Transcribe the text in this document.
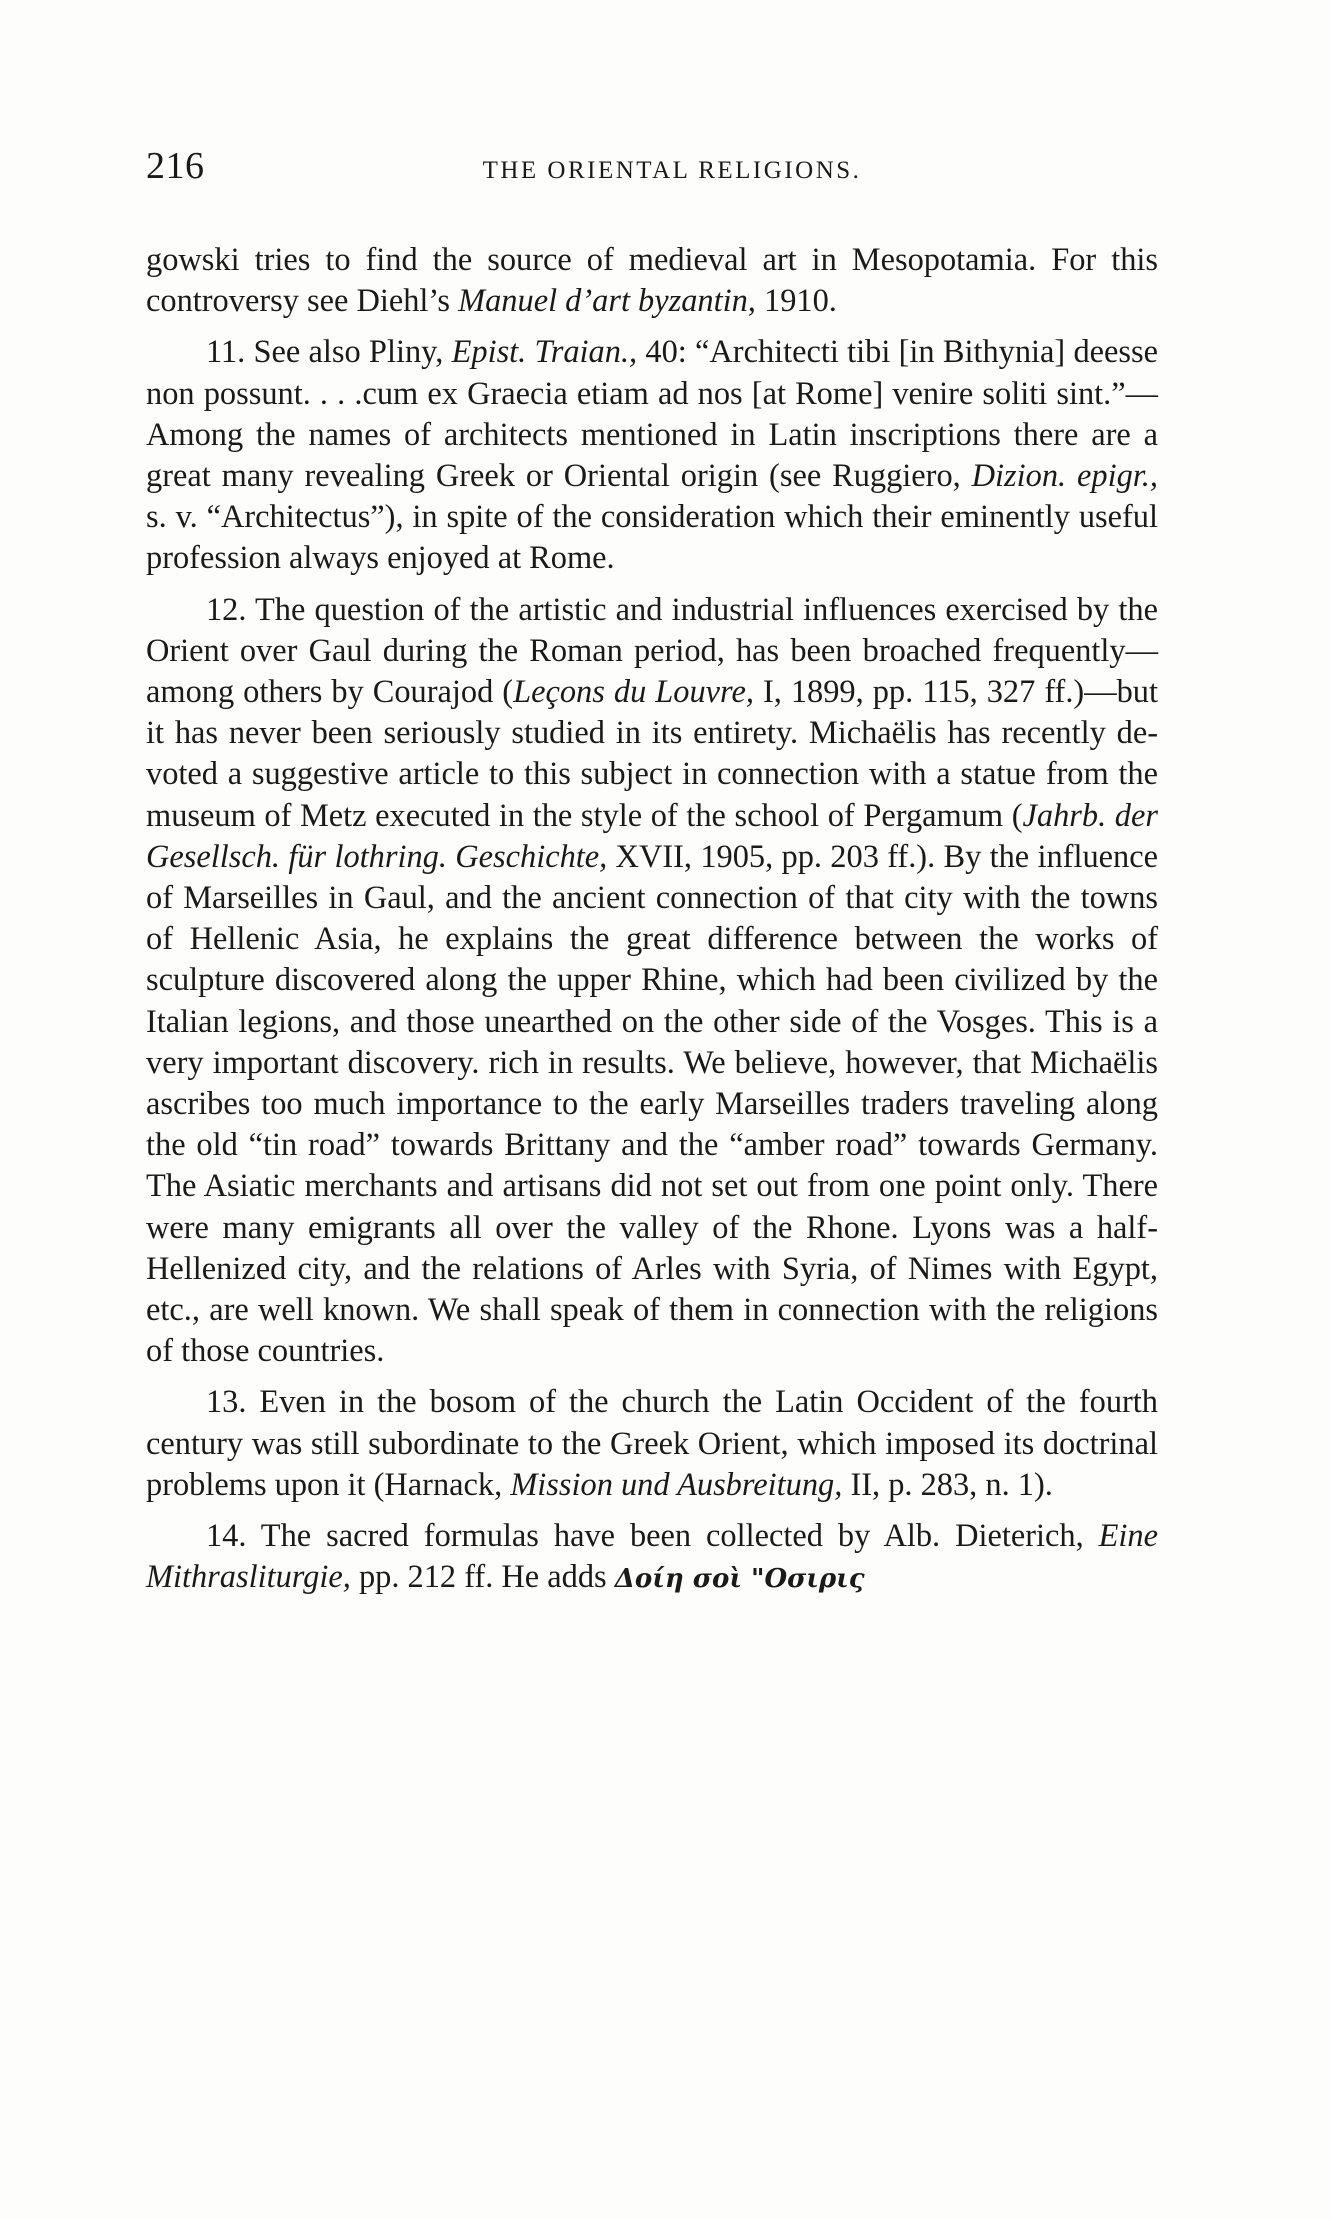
216	THE ORIENTAL RELIGIONS.

gowski tries to find the source of medieval art in Mesopotamia. For this controversy see Diehl’s Manuel d’art byzantin, 1910.

11. See also Pliny, Epist. Traian., 40: “Architecti tibi [in Bithynia] deesse non possunt. . . .cum ex Graecia etiam ad nos [at Rome] venire soliti sint.”—Among the names of architects mentioned in Latin inscriptions there are a great many revealing Greek or Oriental origin (see Ruggiero, Dizion. epigr., s. v. “Architectus”), in spite of the consideration which their eminently useful profession always enjoyed at Rome.

12. The question of the artistic and industrial influences exercised by the Orient over Gaul during the Roman period, has been broached frequently—among others by Courajod (Leçons du Louvre, I, 1899, pp. 115, 327 ff.)—but it has never been seriously studied in its entirety. Michaëlis has recently devoted a suggestive article to this subject in connection with a statue from the museum of Metz executed in the style of the school of Pergamum (Jahrb. der Gesellsch. für lothring. Geschichte, XVII, 1905, pp. 203 ff.). By the influence of Marseilles in Gaul, and the ancient connection of that city with the towns of Hellenic Asia, he explains the great difference between the works of sculpture discovered along the upper Rhine, which had been civilized by the Italian legions, and those unearthed on the other side of the Vosges. This is a very important discovery. rich in results. We believe, however, that Michaëlis ascribes too much importance to the early Marseilles traders traveling along the old “tin road” towards Brittany and the “amber road” towards Germany. The Asiatic merchants and artisans did not set out from one point only. There were many emigrants all over the valley of the Rhone. Lyons was a half-Hellenized city, and the relations of Arles with Syria, of Nimes with Egypt, etc., are well known. We shall speak of them in connection with the religions of those countries.

13. Even in the bosom of the church the Latin Occident of the fourth century was still subordinate to the Greek Orient, which imposed its doctrinal problems upon it (Harnack, Mission und Ausbreitung, II, p. 283, n. 1).

14. The sacred formulas have been collected by Alb. Dieterich, Eine Mithrasliturgie, pp. 212 ff. He adds Δοίη σοὶ "Οσιρις
